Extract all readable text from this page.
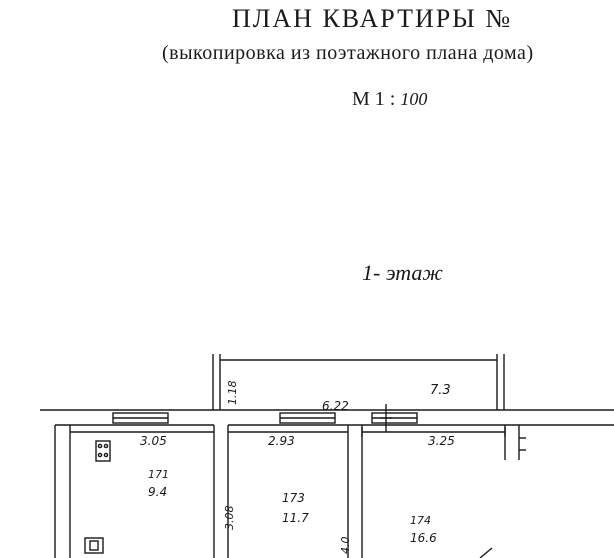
ПЛАН КВАРТИРЫ №
(выкопировка из поэтажного плана дома)
М 1 : 100
1- этаж
3.05	2.93	3.25
6.22
1.18
3.08
4.0
171
9.4	173
11.7	174
16.6
7.3
